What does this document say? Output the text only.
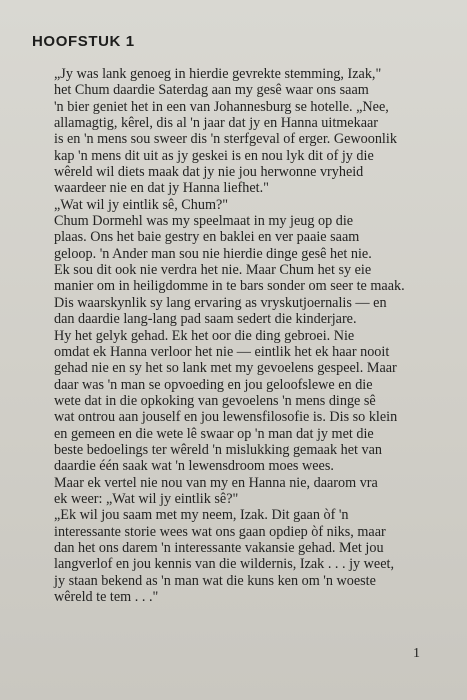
HOOFSTUK 1

„Jy was lank genoeg in hierdie gevrekte stemming, Izak,"
het Chum daardie Saterdag aan my gesê waar ons saam
'n bier geniet het in een van Johannesburg se hotelle. „Nee,
allamagtig, kêrel, dis al 'n jaar dat jy en Hanna uitmekaar
is en 'n mens sou sweer dis 'n sterfgeval of erger. Gewoonlik
kap 'n mens dit uit as jy geskei is en nou lyk dit of jy die
wêreld wil diets maak dat jy nie jou herwonne vryheid
waardeer nie en dat jy Hanna liefhet."

„Wat wil jy eintlik sê, Chum?"

Chum Dormehl was my speelmaat in my jeug op die
plaas. Ons het baie gestry en baklei en ver paaie saam
geloop. 'n Ander man sou nie hierdie dinge gesê het nie.
Ek sou dit ook nie verdra het nie. Maar Chum het sy eie
manier om in heiligdomme in te bars sonder om seer te maak.
Dis waarskynlik sy lang ervaring as vryskutjoernalis — en
dan daardie lang-lang pad saam sedert die kinderjare.

Hy het gelyk gehad. Ek het oor die ding gebroei. Nie
omdat ek Hanna verloor het nie — eintlik het ek haar nooit
gehad nie en sy het so lank met my gevoelens gespeel. Maar
daar was 'n man se opvoeding en jou geloofslewe en die
wete dat in die opkoking van gevoelens 'n mens dinge sê
wat ontrou aan jouself en jou lewensfilosofie is. Dis so klein
en gemeen en die wete lê swaar op 'n man dat jy met die
beste bedoelings ter wêreld 'n mislukking gemaak het van
daardie één saak wat 'n lewensdroom moes wees.

Maar ek vertel nie nou van my en Hanna nie, daarom vra
ek weer: „Wat wil jy eintlik sê?"

„Ek wil jou saam met my neem, Izak. Dit gaan òf 'n
interessante storie wees wat ons gaan opdiep òf niks, maar
dan het ons darem 'n interessante vakansie gehad. Met jou
langverlof en jou kennis van die wildernis, Izak . . . jy weet,
jy staan bekend as 'n man wat die kuns ken om 'n woeste
wêreld te tem . . ."

1
